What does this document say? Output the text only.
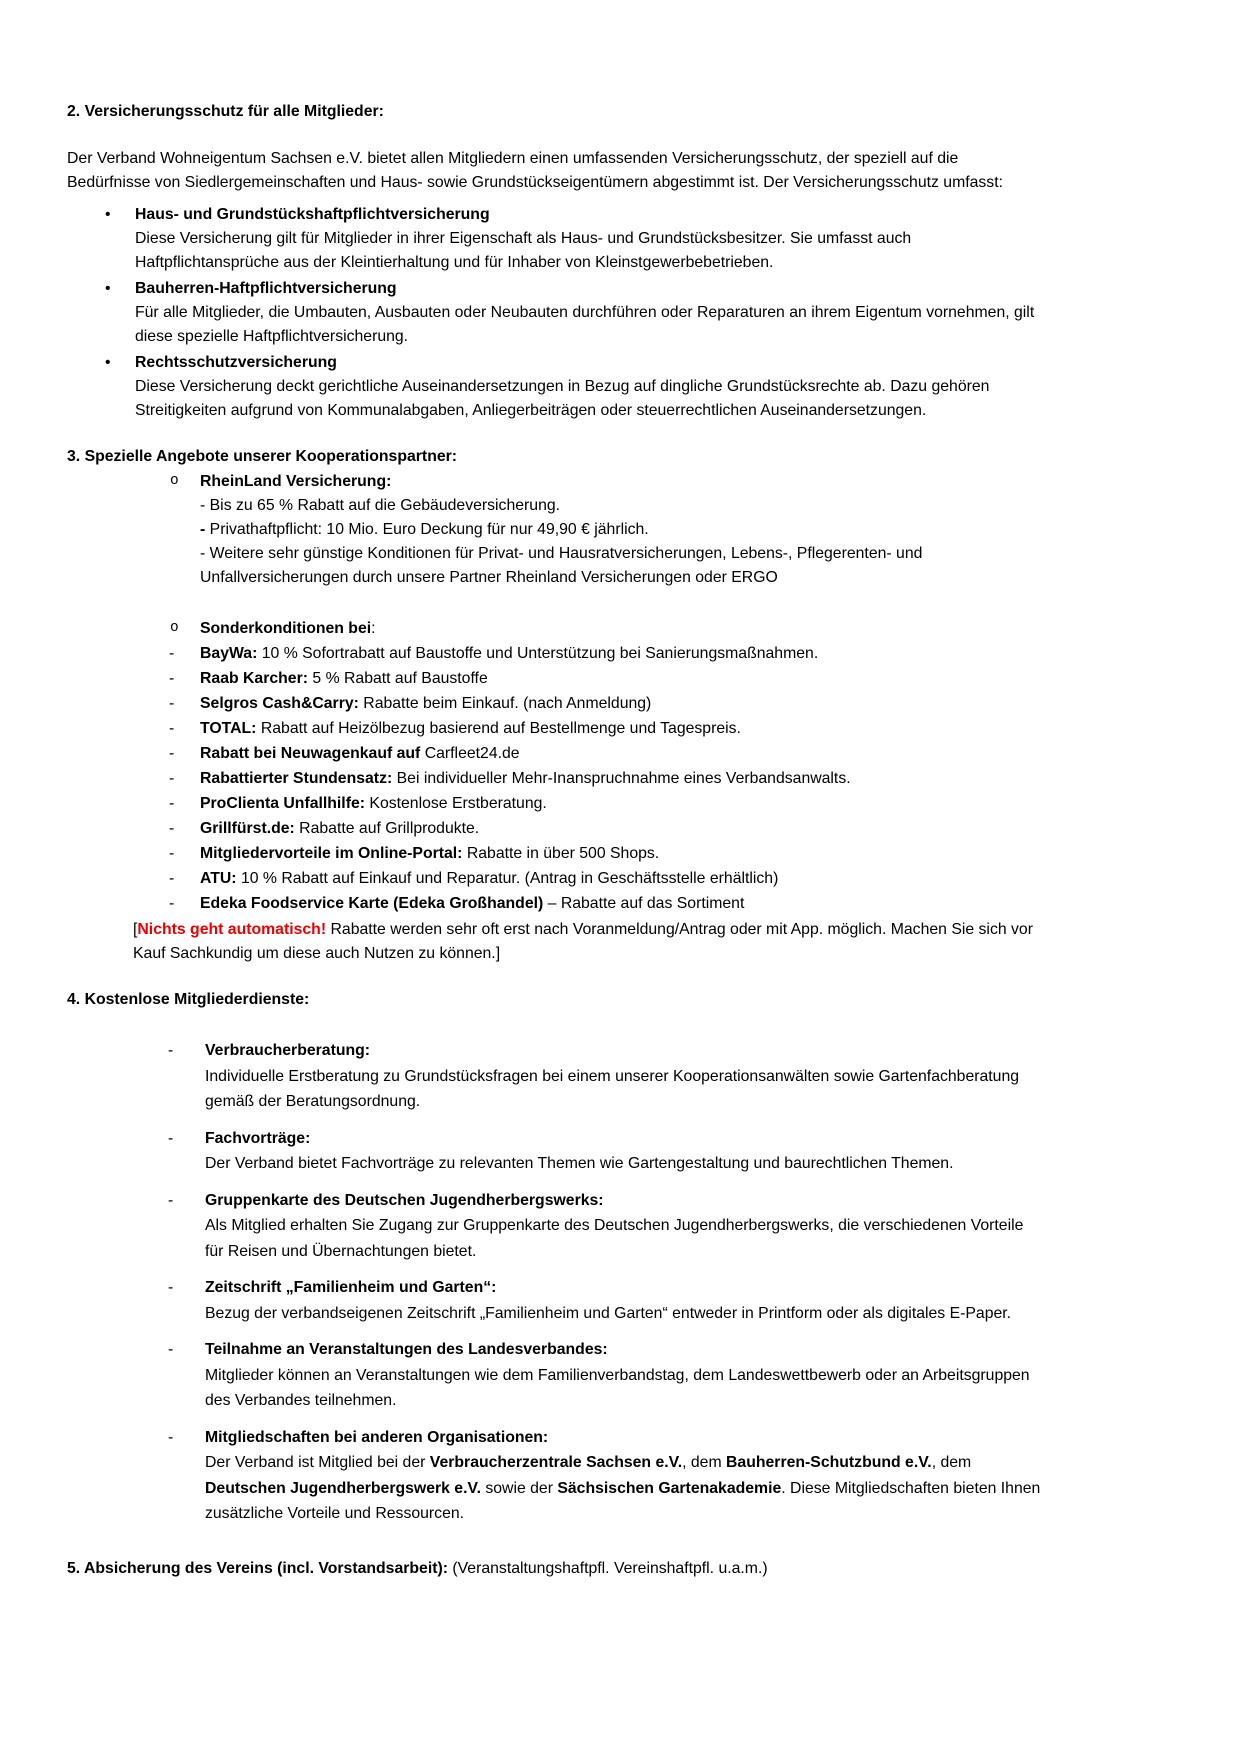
2. Versicherungsschutz für alle Mitglieder:
Der Verband Wohneigentum Sachsen e.V. bietet allen Mitgliedern einen umfassenden Versicherungsschutz, der speziell auf die Bedürfnisse von Siedlergemeinschaften und Haus- sowie Grundstückseigentümern abgestimmt ist. Der Versicherungsschutz umfasst:
• Haus- und Grundstückshaftpflichtversicherung
Diese Versicherung gilt für Mitglieder in ihrer Eigenschaft als Haus- und Grundstücksbesitzer. Sie umfasst auch Haftpflichtansprüche aus der Kleintierhaltung und für Inhaber von Kleinstgewerbebetrieben.
• Bauherren-Haftpflichtversicherung
Für alle Mitglieder, die Umbauten, Ausbauten oder Neubauten durchführen oder Reparaturen an ihrem Eigentum vornehmen, gilt diese spezielle Haftpflichtversicherung.
• Rechtsschutzversicherung
Diese Versicherung deckt gerichtliche Auseinandersetzungen in Bezug auf dingliche Grundstücksrechte ab. Dazu gehören Streitigkeiten aufgrund von Kommunalabgaben, Anliegerbeiträgen oder steuerrechtlichen Auseinandersetzungen.
3. Spezielle Angebote unserer Kooperationspartner:
o RheinLand Versicherung:
- Bis zu 65 % Rabatt auf die Gebäudeversicherung.
- Privathaftpflicht: 10 Mio. Euro Deckung für nur 49,90 € jährlich.
- Weitere sehr günstige Konditionen für Privat- und Hausratversicherungen, Lebens-, Pflegerenten- und Unfallversicherungen durch unsere Partner Rheinland Versicherungen oder ERGO
o Sonderkonditionen bei:
- BayWa: 10 % Sofortrabatt auf Baustoffe und Unterstützung bei Sanierungsmaßnahmen.
- Raab Karcher: 5 % Rabatt auf Baustoffe
- Selgros Cash&Carry: Rabatte beim Einkauf. (nach Anmeldung)
- TOTAL: Rabatt auf Heizölbezug basierend auf Bestellmenge und Tagespreis.
- Rabatt bei Neuwagenkauf auf Carfleet24.de
- Rabattierter Stundensatz: Bei individueller Mehr-Inanspruchnahme eines Verbandsanwalts.
- ProClienta Unfallhilfe: Kostenlose Erstberatung.
- Grillfürst.de: Rabatte auf Grillprodukte.
- Mitgliedervorteile im Online-Portal: Rabatte in über 500 Shops.
- ATU: 10 % Rabatt auf Einkauf und Reparatur. (Antrag in Geschäftsstelle erhältlich)
- Edeka Foodservice Karte (Edeka Großhandel) – Rabatte auf das Sortiment
[Nichts geht automatisch! Rabatte werden sehr oft erst nach Voranmeldung/Antrag oder mit App. möglich. Machen Sie sich vor Kauf Sachkundig um diese auch Nutzen zu können.]
4. Kostenlose Mitgliederdienste:
- Verbraucherberatung:
Individuelle Erstberatung zu Grundstücksfragen bei einem unserer Kooperationsanwälten sowie Gartenfachberatung gemäß der Beratungsordnung.
- Fachvorträge:
Der Verband bietet Fachvorträge zu relevanten Themen wie Gartengestaltung und baurechtlichen Themen.
- Gruppenkarte des Deutschen Jugendherbergswerks:
Als Mitglied erhalten Sie Zugang zur Gruppenkarte des Deutschen Jugendherbergswerks, die verschiedenen Vorteile für Reisen und Übernachtungen bietet.
- Zeitschrift „Familienheim und Garten“:
Bezug der verbandseigenen Zeitschrift „Familienheim und Garten“ entweder in Printform oder als digitales E-Paper.
- Teilnahme an Veranstaltungen des Landesverbandes:
Mitglieder können an Veranstaltungen wie dem Familienverbandstag, dem Landeswettbewerb oder an Arbeitsgruppen des Verbandes teilnehmen.
- Mitgliedschaften bei anderen Organisationen:
Der Verband ist Mitglied bei der Verbraucherzentrale Sachsen e.V., dem Bauherren-Schutzbund e.V., dem Deutschen Jugendherbergswerk e.V. sowie der Sächsischen Gartenakademie. Diese Mitgliedschaften bieten Ihnen zusätzliche Vorteile und Ressourcen.
5. Absicherung des Vereins (incl. Vorstandsarbeit): (Veranstaltungshaftpfl. Vereinshaftpfl. u.a.m.)
